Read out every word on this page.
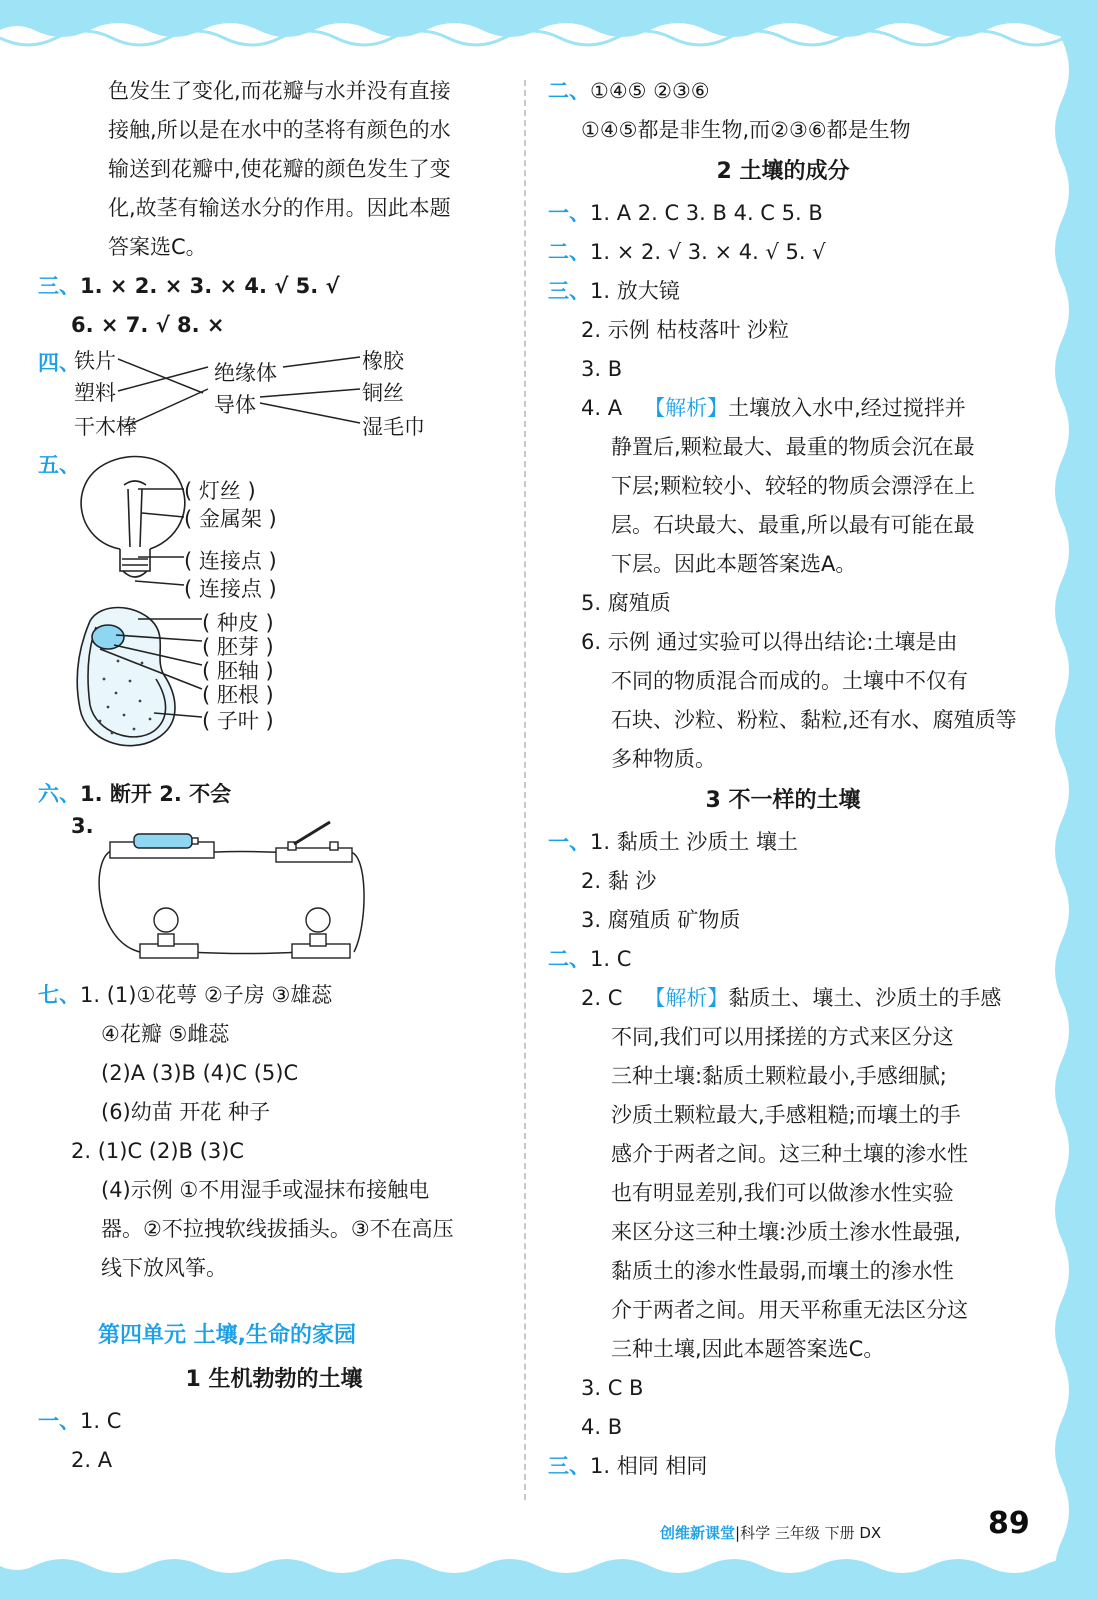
色发生了变化,而花瓣与水并没有直接
接触,所以是在水中的茎将有颜色的水
输送到花瓣中,使花瓣的颜色发生了变
化,故茎有输送水分的作用。因此本题
答案选C。
三、1. × 2. × 3. × 4. √ 5. √
6. × 7. √ 8. ×
四、
铁片
塑料
干木棒
绝缘体
导体
橡胶
铜丝
湿毛巾
五、
( 灯丝 )
( 金属架 )
( 连接点 )
( 连接点 )
( 种皮 )
( 胚芽 )
( 胚轴 )
( 胚根 )
( 子叶 )
六、1. 断开 2. 不会
3.
七、1. (1)①花萼 ②子房 ③雄蕊
④花瓣 ⑤雌蕊
(2)A (3)B (4)C (5)C
(6)幼苗 开花 种子
2. (1)C (2)B (3)C
(4)示例 ①不用湿手或湿抹布接触电
器。②不拉拽软线拔插头。③不在高压
线下放风筝。
第四单元 土壤,生命的家园
1 生机勃勃的土壤
一、1. C
2. A
二、①④⑤ ②③⑥
①④⑤都是非生物,而②③⑥都是生物
2 土壤的成分
一、1. A 2. C 3. B 4. C 5. B
二、1. × 2. √ 3. × 4. √ 5. √
三、1. 放大镜
2. 示例 枯枝落叶 沙粒
3. B
4. A 【解析】土壤放入水中,经过搅拌并
静置后,颗粒最大、最重的物质会沉在最
下层;颗粒较小、较轻的物质会漂浮在上
层。石块最大、最重,所以最有可能在最
下层。因此本题答案选A。
5. 腐殖质
6. 示例 通过实验可以得出结论:土壤是由
不同的物质混合而成的。土壤中不仅有
石块、沙粒、粉粒、黏粒,还有水、腐殖质等
多种物质。
3 不一样的土壤
一、1. 黏质土 沙质土 壤土
2. 黏 沙
3. 腐殖质 矿物质
二、1. C
2. C 【解析】黏质土、壤土、沙质土的手感
不同,我们可以用揉搓的方式来区分这
三种土壤:黏质土颗粒最小,手感细腻;
沙质土颗粒最大,手感粗糙;而壤土的手
感介于两者之间。这三种土壤的渗水性
也有明显差别,我们可以做渗水性实验
来区分这三种土壤:沙质土渗水性最强,
黏质土的渗水性最弱,而壤土的渗水性
介于两者之间。用天平称重无法区分这
三种土壤,因此本题答案选C。
3. C B
4. B
三、1. 相同 相同
创维新课堂|科学 三年级 下册 DX	89
